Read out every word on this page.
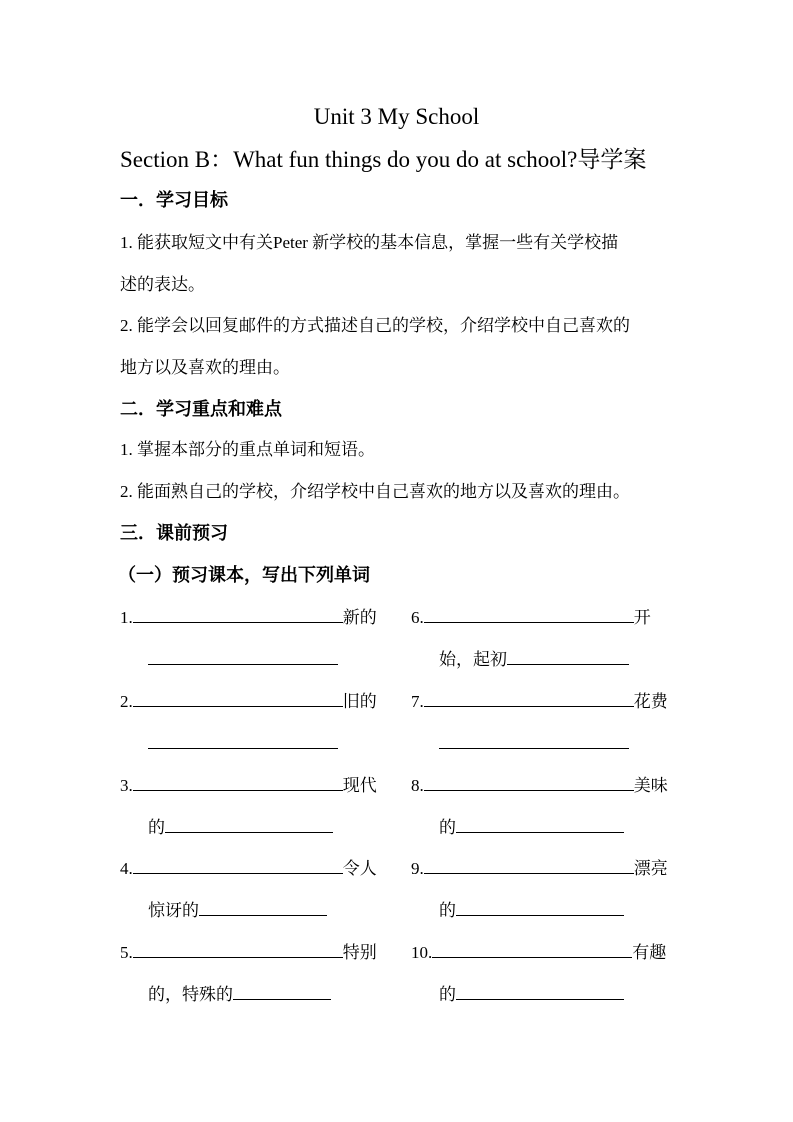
Unit 3 My School
Section B：What fun things do you do at school?导学案
一．学习目标
1. 能获取短文中有关Peter 新学校的基本信息，掌握一些有关学校描
述的表达。
2. 能学会以回复邮件的方式描述自己的学校，介绍学校中自己喜欢的
地方以及喜欢的理由。
二．学习重点和难点
1. 掌握本部分的重点单词和短语。
2. 能面熟自己的学校，介绍学校中自己喜欢的地方以及喜欢的理由。
三．课前预习
（一）预习课本，写出下列单词
1.	新的
2.	旧的
3.	现代
的
4.	令人
惊讶的
5.	特别
的，特殊的
6.	开
始，起初
7.	花费
8.	美味
的
9.	漂亮
的
10.	有趣
的
